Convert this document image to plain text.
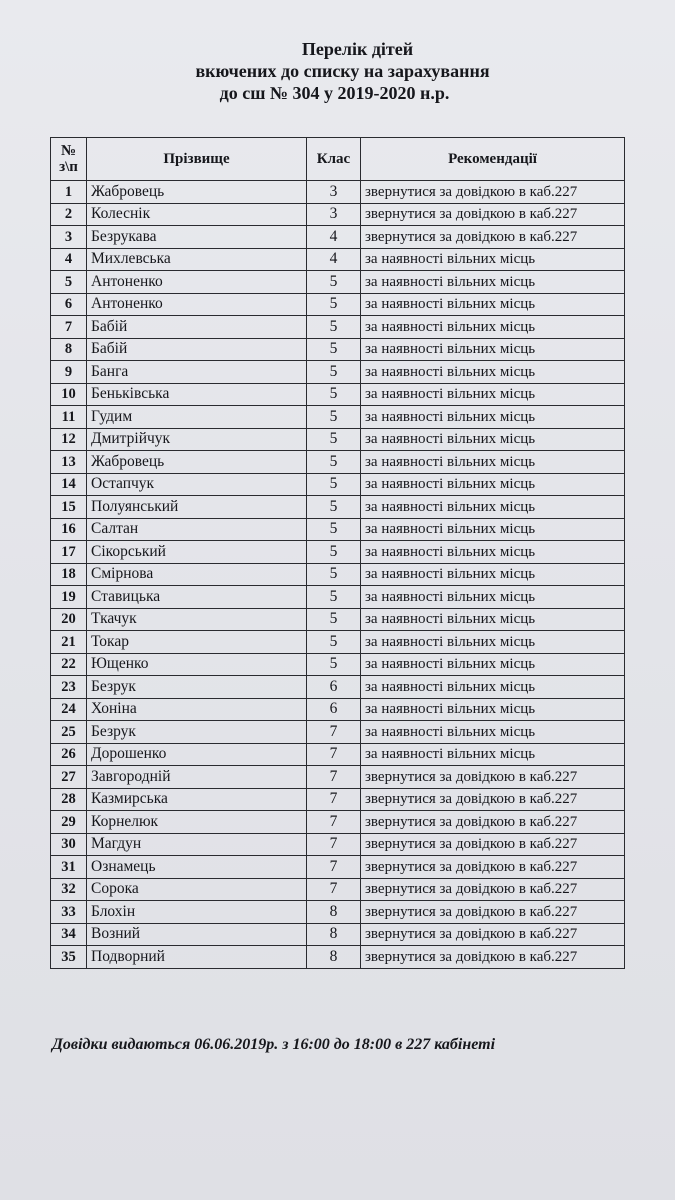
Перелік дітей
вкючених до списку на зарахування
до сш № 304 у 2019-2020 н.р.
№
з\п	Прізвище	Клас	Рекомендації
1	Жабровець	3	звернутися за довідкою в каб.227
2	Колеснік	3	звернутися за довідкою в каб.227
3	Безрукава	4	звернутися за довідкою в каб.227
4	Михлевська	4	за наявності вільних місць
5	Антоненко	5	за наявності вільних місць
6	Антоненко	5	за наявності вільних місць
7	Бабій	5	за наявності вільних місць
8	Бабій	5	за наявності вільних місць
9	Банга	5	за наявності вільних місць
10	Беньківська	5	за наявності вільних місць
11	Гудим	5	за наявності вільних місць
12	Дмитрійчук	5	за наявності вільних місць
13	Жабровець	5	за наявності вільних місць
14	Остапчук	5	за наявності вільних місць
15	Полуянський	5	за наявності вільних місць
16	Салтан	5	за наявності вільних місць
17	Сікорський	5	за наявності вільних місць
18	Смірнова	5	за наявності вільних місць
19	Ставицька	5	за наявності вільних місць
20	Ткачук	5	за наявності вільних місць
21	Токар	5	за наявності вільних місць
22	Ющенко	5	за наявності вільних місць
23	Безрук	6	за наявності вільних місць
24	Хоніна	6	за наявності вільних місць
25	Безрук	7	за наявності вільних місць
26	Дорошенко	7	за наявності вільних місць
27	Завгородній	7	звернутися за довідкою в каб.227
28	Казмирська	7	звернутися за довідкою в каб.227
29	Корнелюк	7	звернутися за довідкою в каб.227
30	Магдун	7	звернутися за довідкою в каб.227
31	Ознамець	7	звернутися за довідкою в каб.227
32	Сорока	7	звернутися за довідкою в каб.227
33	Блохін	8	звернутися за довідкою в каб.227
34	Возний	8	звернутися за довідкою в каб.227
35	Подворний	8	звернутися за довідкою в каб.227
Довідки видаються 06.06.2019р. з 16:00 до 18:00 в 227 кабінеті
